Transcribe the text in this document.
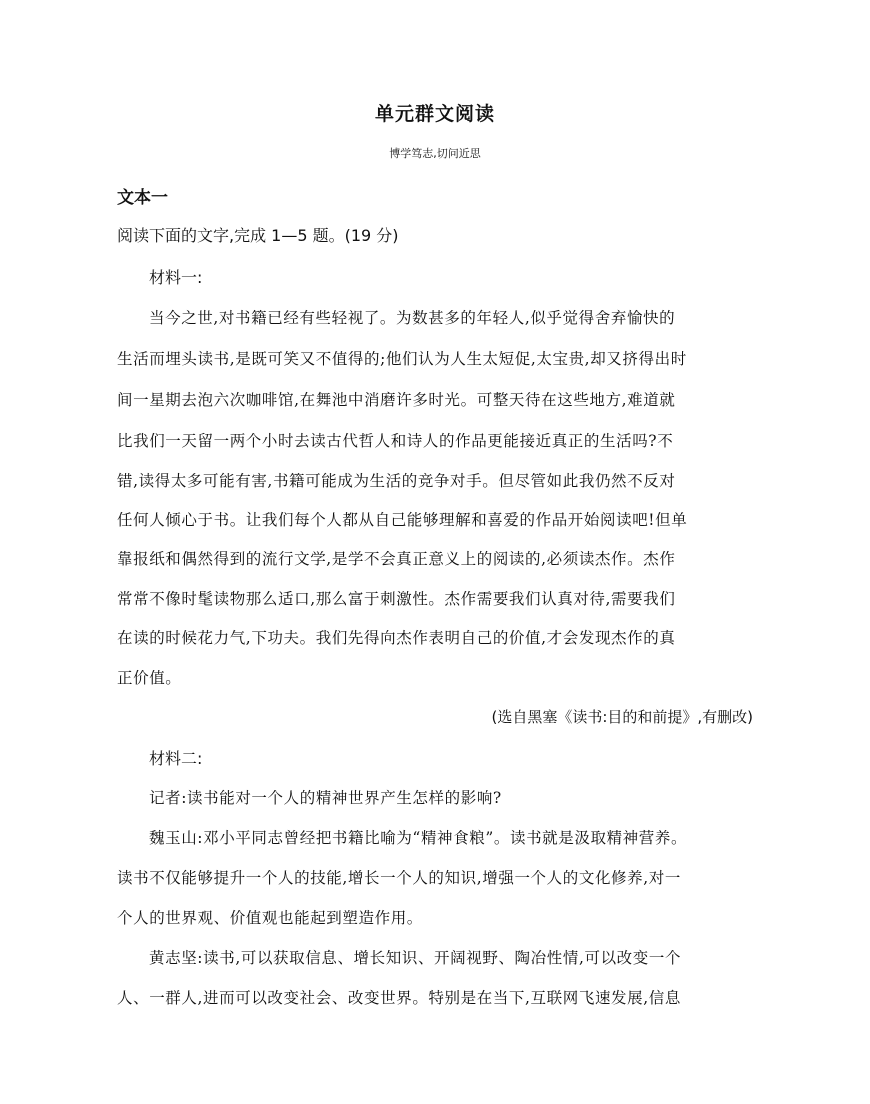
单元群文阅读
博学笃志,切问近思
文本一
阅读下面的文字,完成 1—5 题。(19 分)
材料一:
当今之世,对书籍已经有些轻视了。为数甚多的年轻人,似乎觉得舍弃愉快的
生活而埋头读书,是既可笑又不值得的;他们认为人生太短促,太宝贵,却又挤得出时
间一星期去泡六次咖啡馆,在舞池中消磨许多时光。可整天待在这些地方,难道就
比我们一天留一两个小时去读古代哲人和诗人的作品更能接近真正的生活吗?不
错,读得太多可能有害,书籍可能成为生活的竞争对手。但尽管如此我仍然不反对
任何人倾心于书。让我们每个人都从自己能够理解和喜爱的作品开始阅读吧!但单
靠报纸和偶然得到的流行文学,是学不会真正意义上的阅读的,必须读杰作。杰作
常常不像时髦读物那么适口,那么富于刺激性。杰作需要我们认真对待,需要我们
在读的时候花力气,下功夫。我们先得向杰作表明自己的价值,才会发现杰作的真
正价值。
(选自黑塞《读书:目的和前提》,有删改)
材料二:
记者:读书能对一个人的精神世界产生怎样的影响?
魏玉山:邓小平同志曾经把书籍比喻为“精神食粮”。读书就是汲取精神营养。
读书不仅能够提升一个人的技能,增长一个人的知识,增强一个人的文化修养,对一
个人的世界观、价值观也能起到塑造作用。
黄志坚:读书,可以获取信息、增长知识、开阔视野、陶冶性情,可以改变一个
人、一群人,进而可以改变社会、改变世界。特别是在当下,互联网飞速发展,信息
